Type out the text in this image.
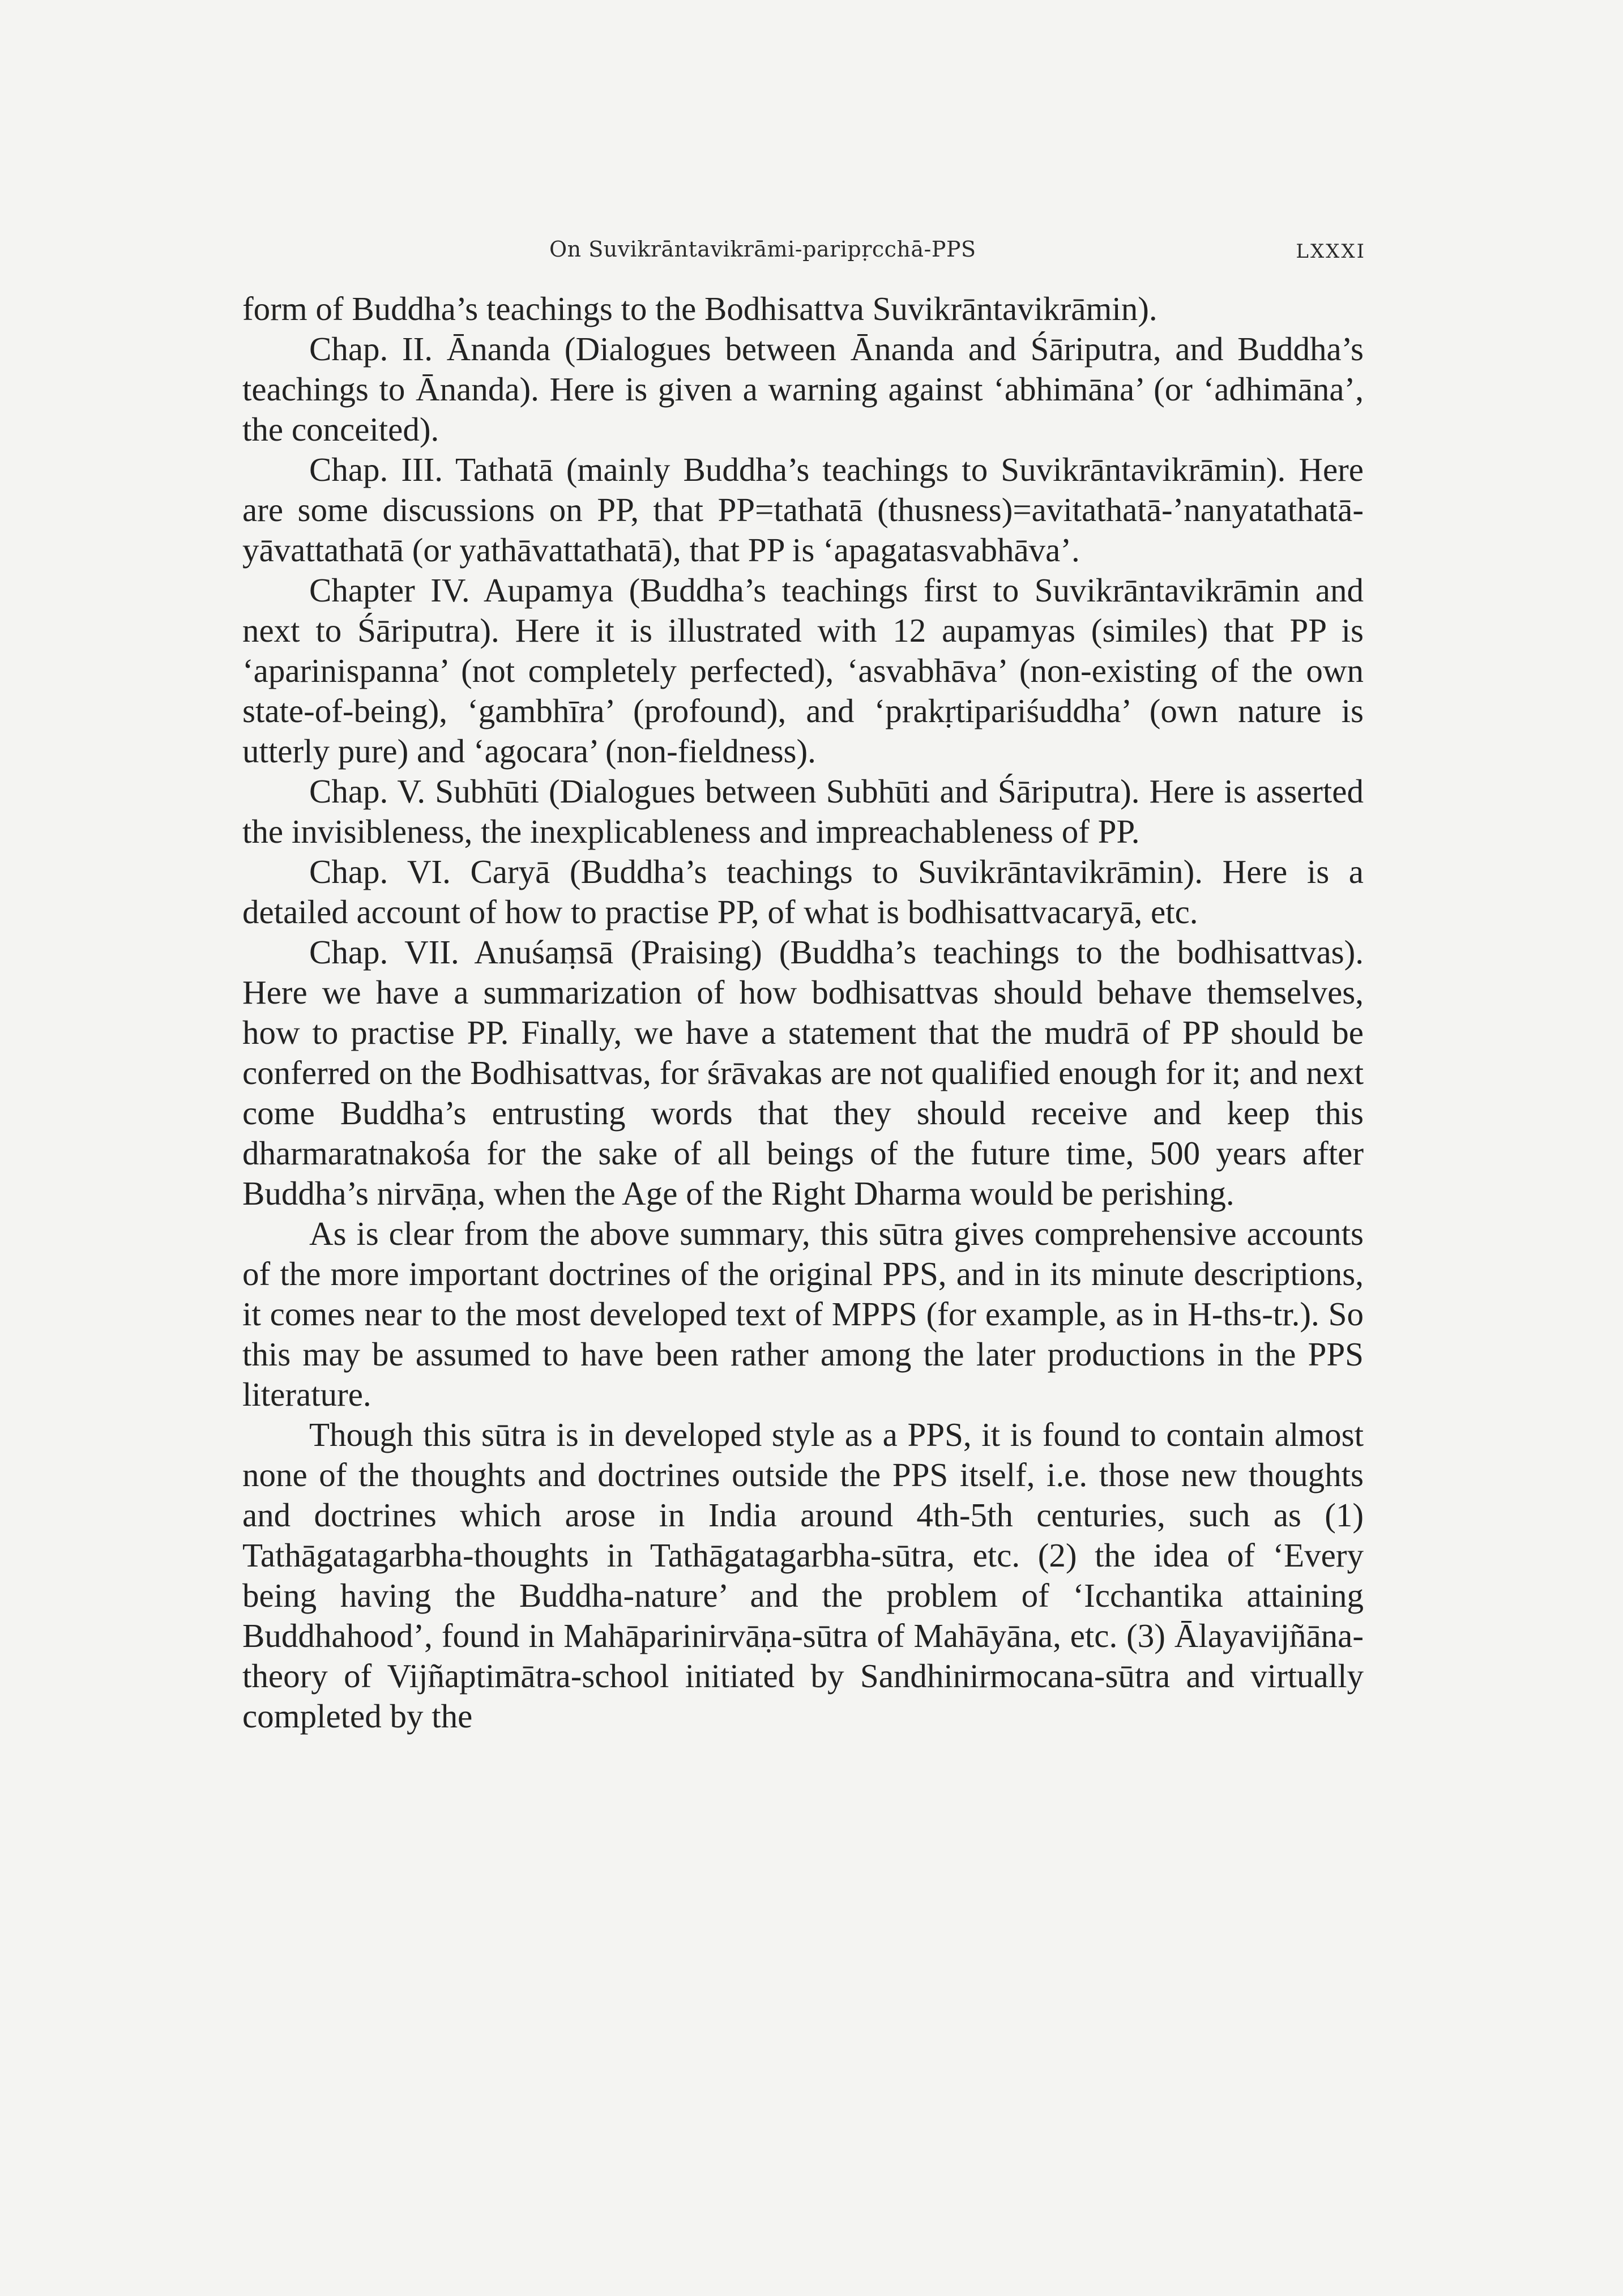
On Suvikrāntavikrāmi-paripṛcchā-PPS	LXXXI

form of Buddha’s teachings to the Bodhisattva Suvikrāntavikrāmin).

Chap. II. Ānanda (Dialogues between Ānanda and Śāriputra, and Buddha’s teachings to Ānanda). Here is given a warning against ‘abhimāna’ (or ‘adhimāna’, the conceited).

Chap. III. Tathatā (mainly Buddha’s teachings to Suvikrāntavikrāmin). Here are some discussions on PP, that PP=tathatā (thusness)=avitathatā-’nanyatathatā-yāvattathatā (or yathāvattathatā), that PP is ‘apagatasvabhāva’.

Chapter IV. Aupamya (Buddha’s teachings first to Suvikrāntavikrāmin and next to Śāriputra). Here it is illustrated with 12 aupamyas (similes) that PP is ‘aparinispanna’ (not completely perfected), ‘asvabhāva’ (non-existing of the own state-of-being), ‘gambhīra’ (profound), and ‘prakṛtipariśuddha’ (own nature is utterly pure) and ‘agocara’ (non-fieldness).

Chap. V. Subhūti (Dialogues between Subhūti and Śāriputra). Here is asserted the invisibleness, the inexplicableness and impreachableness of PP.

Chap. VI. Caryā (Buddha’s teachings to Suvikrāntavikrāmin). Here is a detailed account of how to practise PP, of what is bodhisattvacaryā, etc.

Chap. VII. Anuśaṃsā (Praising) (Buddha’s teachings to the bodhisattvas). Here we have a summarization of how bodhisattvas should behave themselves, how to practise PP. Finally, we have a statement that the mudrā of PP should be conferred on the Bodhisattvas, for śrāvakas are not qualified enough for it; and next come Buddha’s entrusting words that they should receive and keep this dharmaratnakośa for the sake of all beings of the future time, 500 years after Buddha’s nirvāṇa, when the Age of the Right Dharma would be perishing.

As is clear from the above summary, this sūtra gives comprehensive accounts of the more important doctrines of the original PPS, and in its minute descriptions, it comes near to the most developed text of MPPS (for example, as in H-ths-tr.). So this may be assumed to have been rather among the later productions in the PPS literature.

Though this sūtra is in developed style as a PPS, it is found to contain almost none of the thoughts and doctrines outside the PPS itself, i.e. those new thoughts and doctrines which arose in India around 4th-5th centuries, such as (1) Tathāgatagarbha-thoughts in Tathāgatagarbha-sūtra, etc. (2) the idea of ‘Every being having the Buddha-nature’ and the problem of ‘Icchantika attaining Buddhahood’, found in Mahāparinirvāṇa-sūtra of Mahāyāna, etc. (3) Ālayavijñāna-theory of Vijñaptimātra-school initiated by Sandhinirmocana-sūtra and virtually completed by the
